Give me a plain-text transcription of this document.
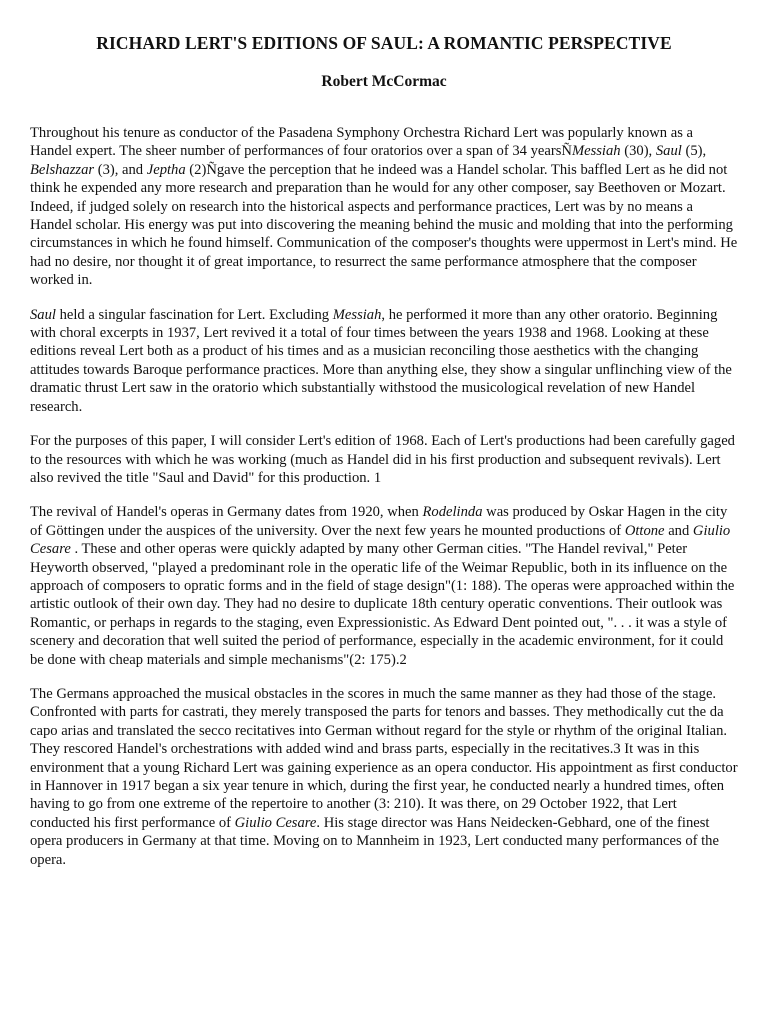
RICHARD LERT'S EDITIONS OF SAUL: A ROMANTIC PERSPECTIVE
Robert McCormac

Throughout his tenure as conductor of the Pasadena Symphony Orchestra Richard Lert was popularly known as a Handel expert. The sheer number of performances of four oratorios over a span of 34 yearsÑMessiah (30), Saul (5), Belshazzar (3), and Jeptha (2)Ñgave the perception that he indeed was a Handel scholar. This baffled Lert as he did not think he expended any more research and preparation than he would for any other composer, say Beethoven or Mozart. Indeed, if judged solely on research into the historical aspects and performance practices, Lert was by no means a Handel scholar. His energy was put into discovering the meaning behind the music and molding that into the performing circumstances in which he found himself. Communication of the composer's thoughts were uppermost in Lert's mind. He had no desire, nor thought it of great importance, to resurrect the same performance atmosphere that the composer worked in.

Saul held a singular fascination for Lert. Excluding Messiah, he performed it more than any other oratorio. Beginning with choral excerpts in 1937, Lert revived it a total of four times between the years 1938 and 1968. Looking at these editions reveal Lert both as a product of his times and as a musician reconciling those aesthetics with the changing attitudes towards Baroque performance practices. More than anything else, they show a singular unflinching view of the dramatic thrust Lert saw in the oratorio which substantially withstood the musicological revelation of new Handel research.

For the purposes of this paper, I will consider Lert's edition of 1968. Each of Lert's productions had been carefully gaged to the resources with which he was working (much as Handel did in his first production and subsequent revivals). Lert also revived the title "Saul and David" for this production. 1

The revival of Handel's operas in Germany dates from 1920, when Rodelinda was produced by Oskar Hagen in the city of Göttingen under the auspices of the university. Over the next few years he mounted productions of Ottone and Giulio Cesare . These and other operas were quickly adapted by many other German cities. "The Handel revival," Peter Heyworth observed, "played a predominant role in the operatic life of the Weimar Republic, both in its influence on the approach of composers to opratic forms and in the field of stage design"(1: 188). The operas were approached within the artistic outlook of their own day. They had no desire to duplicate 18th century operatic conventions. Their outlook was Romantic, or perhaps in regards to the staging, even Expressionistic. As Edward Dent pointed out, ". . . it was a style of scenery and decoration that well suited the period of performance, especially in the academic environment, for it could be done with cheap materials and simple mechanisms"(2: 175).2

The Germans approached the musical obstacles in the scores in much the same manner as they had those of the stage. Confronted with parts for castrati, they merely transposed the parts for tenors and basses. They methodically cut the da capo arias and translated the secco recitatives into German without regard for the style or rhythm of the original Italian. They rescored Handel's orchestrations with added wind and brass parts, especially in the recitatives.3 It was in this environment that a young Richard Lert was gaining experience as an opera conductor. His appointment as first conductor in Hannover in 1917 began a six year tenure in which, during the first year, he conducted nearly a hundred times, often having to go from one extreme of the repertoire to another (3: 210). It was there, on 29 October 1922, that Lert conducted his first performance of Giulio Cesare. His stage director was Hans Neidecken-Gebhard, one of the finest opera producers in Germany at that time. Moving on to Mannheim in 1923, Lert conducted many performances of the opera.
